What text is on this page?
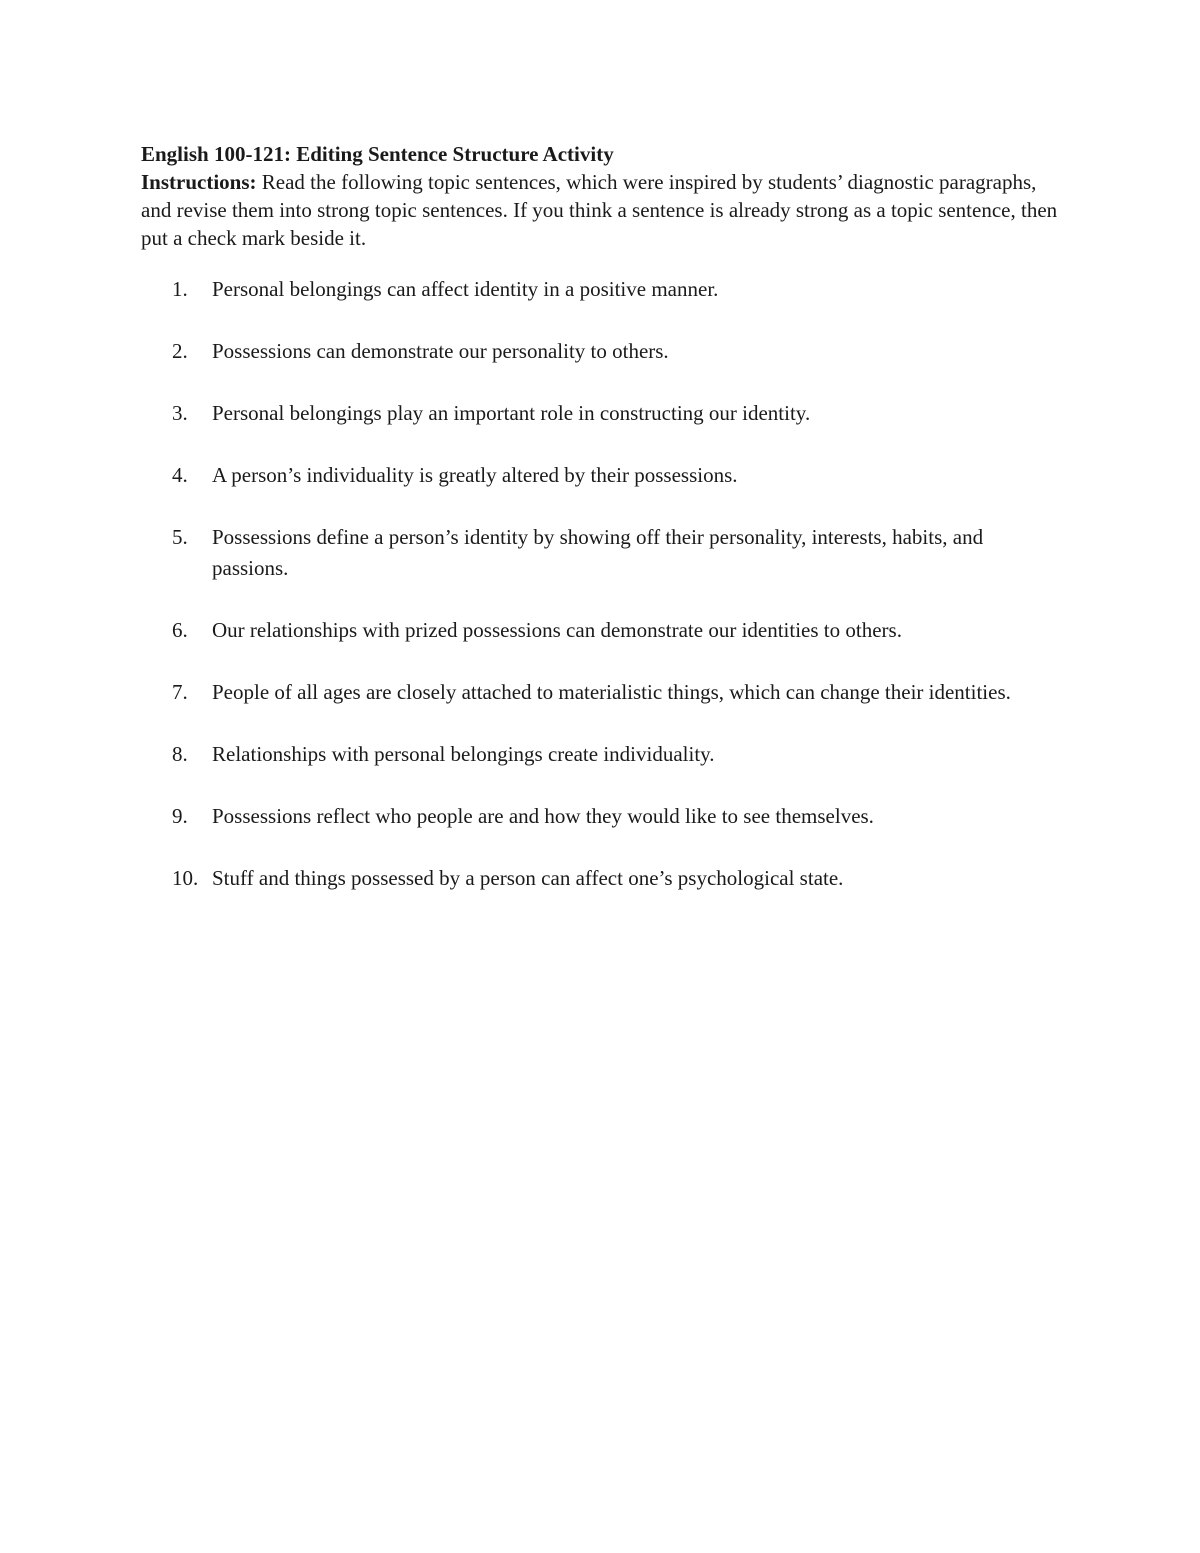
English 100-121: Editing Sentence Structure Activity

Instructions: Read the following topic sentences, which were inspired by students’ diagnostic paragraphs, and revise them into strong topic sentences. If you think a sentence is already strong as a topic sentence, then put a check mark beside it.

1.	Personal belongings can affect identity in a positive manner.
2.	Possessions can demonstrate our personality to others.
3.	Personal belongings play an important role in constructing our identity.
4.	A person’s individuality is greatly altered by their possessions.
5.	Possessions define a person’s identity by showing off their personality, interests, habits, and passions.
6.	Our relationships with prized possessions can demonstrate our identities to others.
7.	People of all ages are closely attached to materialistic things, which can change their identities.
8.	Relationships with personal belongings create individuality.
9.	Possessions reflect who people are and how they would like to see themselves.
10. Stuff and things possessed by a person can affect one’s psychological state.
